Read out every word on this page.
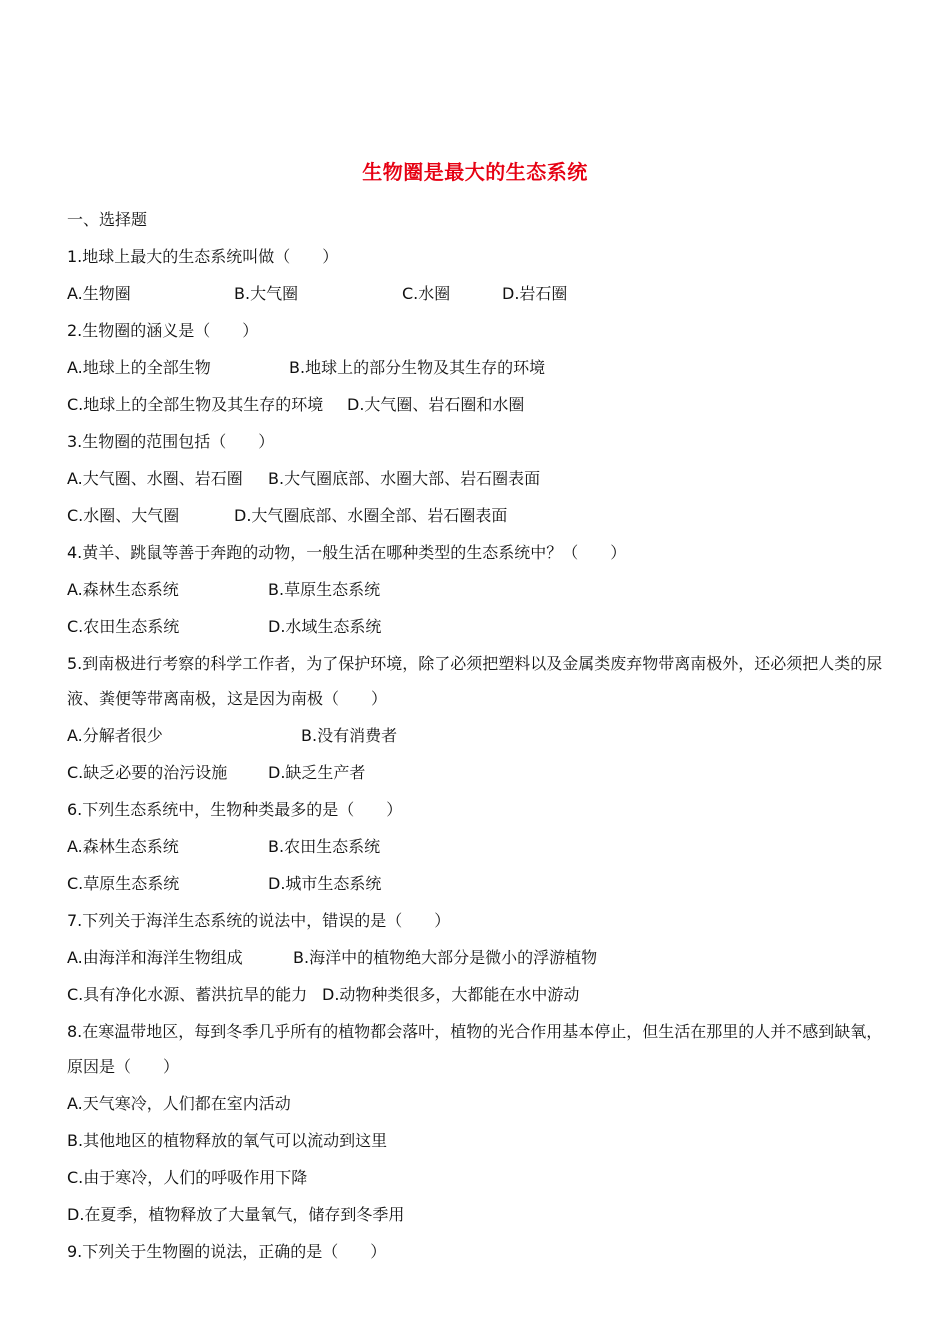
生物圈是最大的生态系统
一、选择题
1.地球上最大的生态系统叫做（　　）
A.生物圈	B.大气圈	C.水圈	D.岩石圈
2.生物圈的涵义是（　　）
A.地球上的全部生物	B.地球上的部分生物及其生存的环境
C.地球上的全部生物及其生存的环境 D.大气圈、岩石圈和水圈
3.生物圈的范围包括（　　）
A.大气圈、水圈、岩石圈 B.大气圈底部、水圈大部、岩石圈表面
C.水圈、大气圈	D.大气圈底部、水圈全部、岩石圈表面
4.黄羊、跳鼠等善于奔跑的动物，一般生活在哪种类型的生态系统中？（　　）
A.森林生态系统	B.草原生态系统
C.农田生态系统	D.水域生态系统
5.到南极进行考察的科学工作者，为了保护环境，除了必须把塑料以及金属类废弃物带离南极外，还必须把人类的尿液、粪便等带离南极，这是因为南极（　　）
A.分解者很少	B.没有消费者
C.缺乏必要的治污设施	D.缺乏生产者
6.下列生态系统中，生物种类最多的是（　　）
A.森林生态系统	B.农田生态系统
C.草原生态系统	D.城市生态系统
7.下列关于海洋生态系统的说法中，错误的是（　　）
A.由海洋和海洋生物组成	B.海洋中的植物绝大部分是微小的浮游植物
C.具有净化水源、蓄洪抗旱的能力 D.动物种类很多，大都能在水中游动
8.在寒温带地区，每到冬季几乎所有的植物都会落叶，植物的光合作用基本停止，但生活在那里的人并不感到缺氧，原因是（　　）
A.天气寒冷，人们都在室内活动
B.其他地区的植物释放的氧气可以流动到这里
C.由于寒冷，人们的呼吸作用下降
D.在夏季，植物释放了大量氧气，储存到冬季用
9.下列关于生物圈的说法，正确的是（　　）
